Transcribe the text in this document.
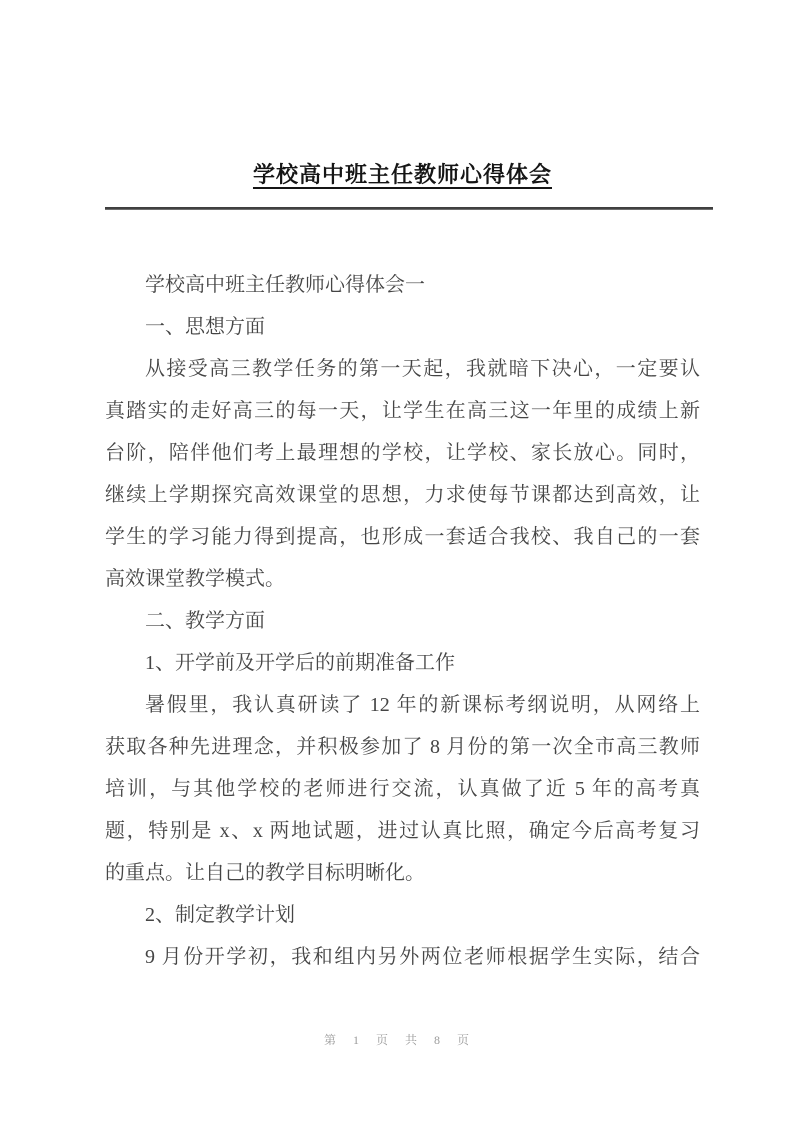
学校高中班主任教师心得体会
学校高中班主任教师心得体会一
一、思想方面
从接受高三教学任务的第一天起，我就暗下决心，一定要认
真踏实的走好高三的每一天，让学生在高三这一年里的成绩上新
台阶，陪伴他们考上最理想的学校，让学校、家长放心。同时，
继续上学期探究高效课堂的思想，力求使每节课都达到高效，让
学生的学习能力得到提高，也形成一套适合我校、我自己的一套
高效课堂教学模式。
二、教学方面
1、开学前及开学后的前期准备工作
暑假里，我认真研读了 12 年的新课标考纲说明，从网络上
获取各种先进理念，并积极参加了 8 月份的第一次全市高三教师
培训，与其他学校的老师进行交流，认真做了近 5 年的高考真
题，特别是 x、x 两地试题，进过认真比照，确定今后高考复习
的重点。让自己的教学目标明晰化。
2、制定教学计划
9 月份开学初，我和组内另外两位老师根据学生实际，结合
第 1 页 共 8 页
